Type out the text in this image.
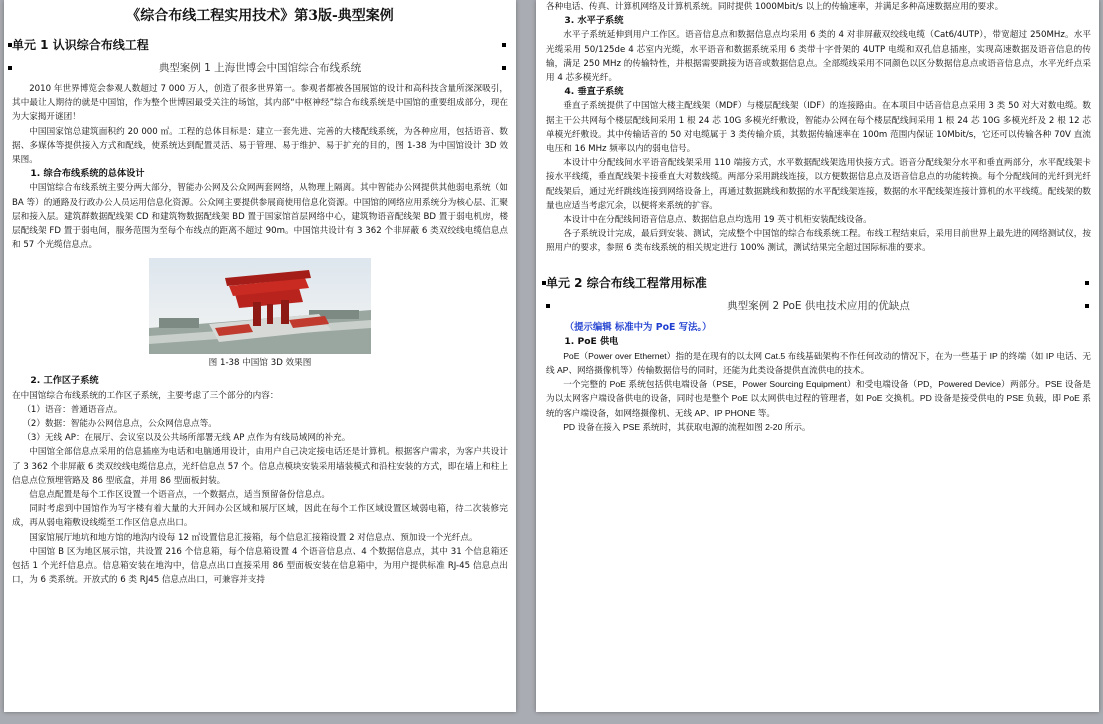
《综合布线工程实用技术》第3版-典型案例
单元 1 认识综合布线工程
典型案例 1 上海世博会中国馆综合布线系统

2010 年世界博览会参观人数超过 7 000 万人，创造了很多世界第一。参观者都被各国展馆的设计和高科技含量所深深吸引，其中最让人期待的就是中国馆，作为整个世博园最受关注的场馆，其内部“中枢神经”综合布线系统是中国馆的重要组成部分，现在为大家揭开谜团！

中国国家馆总建筑面积约 20 000 ㎡。工程的总体目标是：建立一套先进、完善的大楼配线系统，为各种应用，包括语音、数据、多媒体等提供接入方式和配线，使系统达到配置灵活、易于管理、易于维护、易于扩充的目的，图 1-38 为中国馆设计 3D 效果图。

1. 综合布线系统的总体设计

中国馆综合布线系统主要分两大部分，智能办公网及公众网两套网络，从物理上隔离。其中智能办公网提供其他弱电系统（如 BA 等）的通路及行政办公人员运用信息化资源。公众网主要提供参展商使用信息化资源。中国馆的网络应用系统分为核心层、汇聚层和接入层。建筑群数据配线架 CD 和建筑物数据配线架 BD 置于国家馆首层网络中心，建筑物语音配线架 BD 置于弱电机房，楼层配线架 FD 置于弱电间，服务范围为至每个布线点的距离不超过 90m。中国馆共设计有 3 362 个非屏蔽 6 类双绞线电缆信息点和 57 个光缆信息点。

图 1-38 中国馆 3D 效果图
2. 工作区子系统

在中国馆综合布线系统的工作区子系统，主要考虑了三个部分的内容：

（1）语音：普通语音点。

（2）数据：智能办公网信息点，公众网信息点等。

（3）无线 AP：在展厅、会议室以及公共场所部署无线 AP 点作为有线局域网的补充。

中国馆全部信息点采用的信息插座为电话和电脑通用设计，由用户自己决定接电话还是计算机。根据客户需求，为客户共设计了 3 362 个非屏蔽 6 类双绞线电缆信息点，光纤信息点 57 个。信息点模块安装采用墙装模式和沿柱安装的方式，即在墙上和柱上信息点位预埋管路及 86 型底盒，并用 86 型面板封装。

信息点配置是每个工作区设置一个语音点，一个数据点，适当预留备份信息点。

同时考虑到中国馆作为写字楼有着大量的大开间办公区域和展厅区域，因此在每个工作区域设置区域弱电箱，待二次装修完成，再从弱电箱敷设线缆至工作区信息点出口。

国家馆展厅地坑和地方馆的地沟内设每 12 ㎡设置信息汇接箱，每个信息汇接箱设置 2 对信息点、预加设一个光纤点。

中国馆 B 区为地区展示馆，共设置 216 个信息箱，每个信息箱设置 4 个语音信息点、4 个数据信息点，其中 31 个信息箱还包括 1 个光纤信息点。信息箱安装在地沟中，信息点出口直接采用 86 型面板安装在信息箱中，为用户提供标准 RJ-45 信息点出口，为 6 类系统。开放式的 6 类 RJ45 信息点出口，可兼容并支持

各种电话、传真、计算机网络及计算机系统。同时提供 1000Mbit/s 以上的传输速率，并满足多种高速数据应用的要求。

3. 水平子系统

水平子系统延伸到用户工作区。语音信息点和数据信息点均采用 6 类的 4 对非屏蔽双绞线电缆（Cat6/4UTP），带宽超过 250MHz。水平光缆采用 50/125de 4 芯室内光缆，水平语音和数据系统采用 6 类带十字骨架的 4UTP 电缆和双孔信息插座，实现高速数据及语音信息的传输，满足 250 MHz 的传输特性，并根据需要跳接为语音或数据信息点。全部缆线采用不同颜色以区分数据信息点或语音信息点，水平光纤点采用 4 芯多模光纤。

4. 垂直子系统

垂直子系统提供了中国馆大楼主配线架（MDF）与楼层配线架（IDF）的连接路由。在本项目中话音信息点采用 3 类 50 对大对数电缆。数据主干公共网每个楼层配线间采用 1 根 24 芯 10G 多模光纤敷设，智能办公网在每个楼层配线间采用 1 根 24 芯 10G 多模光纤及 2 根 12 芯单模光纤敷设。其中传输话音的 50 对电缆属于 3 类传输介质，其数据传输速率在 100m 范围内保证 10Mbit/s，它还可以传输各种 70V 直流电压和 16 MHz 频率以内的弱电信号。

本设计中分配线间水平语音配线架采用 110 端接方式，水平数据配线架选用快接方式。语音分配线架分水平和垂直两部分，水平配线架卡接水平线缆，垂直配线架卡接垂直大对数线缆。两部分采用跳线连接，以方便数据信息点及语音信息点的功能转换。每个分配线间的光纤到光纤配线架后，通过光纤跳线连接到网络设备上，再通过数据跳线和数据的水平配线架连接，数据的水平配线架连接计算机的水平线缆。配线架的数量也应适当考虑冗余，以便将来系统的扩容。

本设计中在分配线间语音信息点、数据信息点均选用 19 英寸机柜安装配线设备。

各子系统设计完成，最后到安装、测试，完成整个中国馆的综合布线系统工程。布线工程结束后，采用目前世界上最先进的网络测试仪，按照用户的要求，参照 6 类布线系统的相关规定进行 100% 测试，测试结果完全超过国际标准的要求。

单元 2 综合布线工程常用标准
典型案例 2 PoE 供电技术应用的优缺点
（提示编辑 标准中为 PoE 写法。）
1. PoE 供电

PoE（Power over Ethernet）指的是在现有的以太网 Cat.5 布线基础架构不作任何改动的情况下，在为一些基于 IP 的终端（如 IP 电话、无线 AP、网络摄像机等）传输数据信号的同时，还能为此类设备提供直流供电的技术。

一个完整的 PoE 系统包括供电端设备（PSE，Power Sourcing Equipment）和受电端设备（PD，Powered Device）两部分。PSE 设备是为以太网客户端设备供电的设备，同时也是整个 PoE 以太网供电过程的管理者，如 PoE 交换机。PD 设备是接受供电的 PSE 负载，即 PoE 系统的客户端设备，如网络摄像机、无线 AP、IP PHONE 等。

PD 设备在接入 PSE 系统时，其获取电源的流程如图 2-20 所示。
